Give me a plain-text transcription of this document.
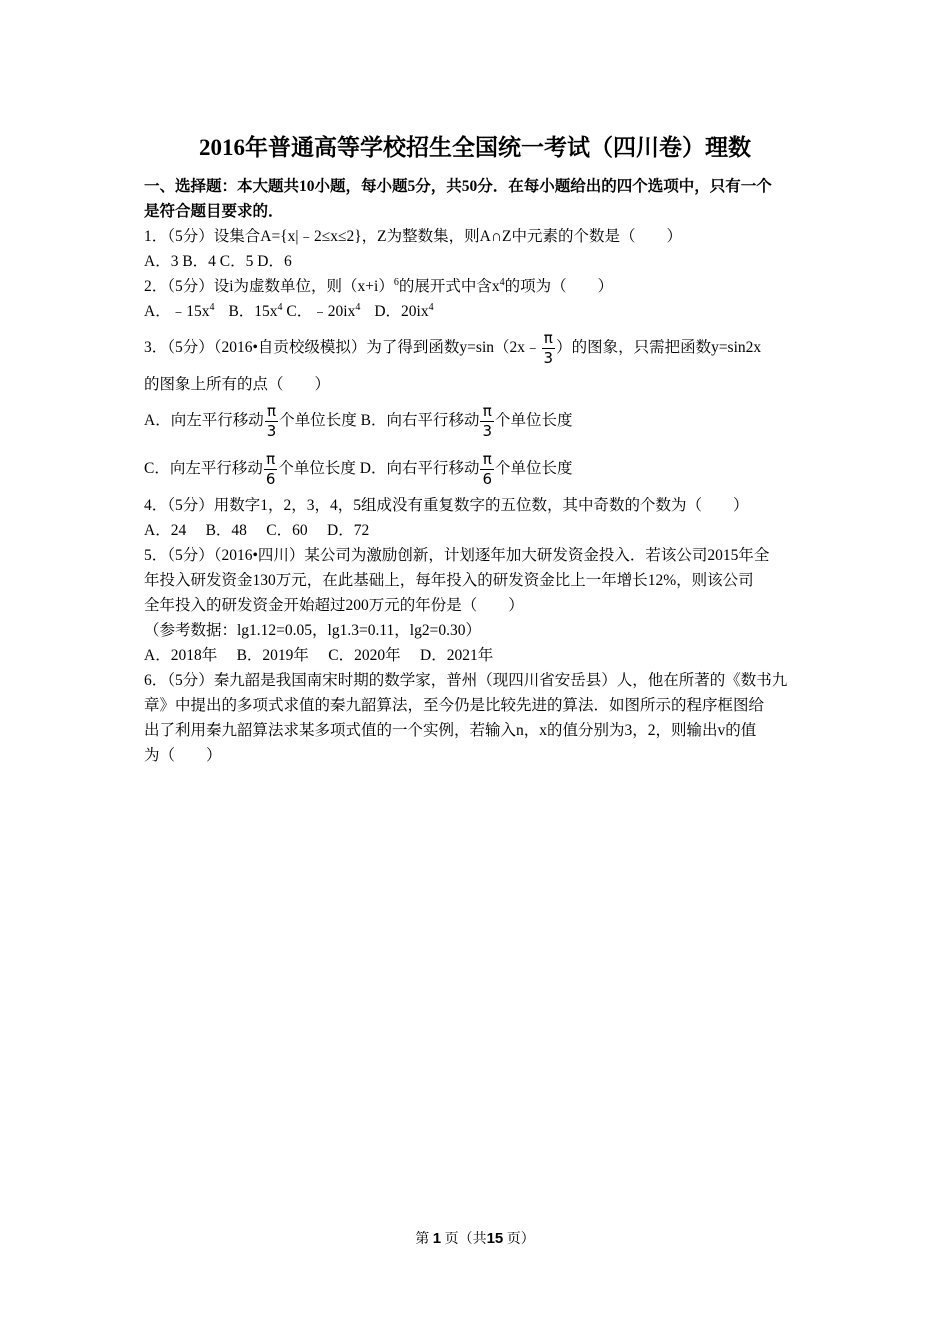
2016年普通高等学校招生全国统一考试（四川卷）理数
一、选择题：本大题共10小题，每小题5分，共50分．在每小题给出的四个选项中，只有一个
是符合题目要求的．
1．（5分）设集合A={x|﹣2≤x≤2}，Z为整数集，则A∩Z中元素的个数是（　　）
A．3 B．4 C．5 D．6
2．（5分）设i为虚数单位，则$(x+i)^6$的展开式中含$x^4$的项为（　　）
A．$﹣15x^4$ B．$15x^4$ C．$﹣20ix^4$ D．$20ix^4$
3．（5分）（2016•自贡校级模拟）为了得到函数y=sin（2x﹣ $\frac{\pi}{3}$ ）的图象，只需把函数y=sin2x
的图象上所有的点（　　）
A．向左平行移动 $\frac{\pi}{3}$ 个单位长度 B．向右平行移动 $\frac{\pi}{3}$ 个单位长度
C．向左平行移动 $\frac{\pi}{6}$ 个单位长度 D．向右平行移动 $\frac{\pi}{6}$ 个单位长度
4．（5分）用数字1，2，3，4，5组成没有重复数字的五位数，其中奇数的个数为（　　）
A．24　 B．48　 C．60　 D．72
5．（5分）（2016•四川）某公司为激励创新，计划逐年加大研发资金投入．若该公司2015年全
年投入研发资金130万元，在此基础上，每年投入的研发资金比上一年增长12%，则该公司
全年投入的研发资金开始超过200万元的年份是（　　）
（参考数据：lg1.12=0.05，lg1.3=0.11，lg2=0.30）
A．2018年　 B．2019年　 C．2020年　 D．2021年
6．（5分）秦九韶是我国南宋时期的数学家，普州（现四川省安岳县）人，他在所著的《数书九
章》中提出的多项式求值的秦九韶算法，至今仍是比较先进的算法．如图所示的程序框图给
出了利用秦九韶算法求某多项式值的一个实例，若输入n，x的值分别为3，2，则输出v的值
为（　　）
第 1 页（共15 页）
